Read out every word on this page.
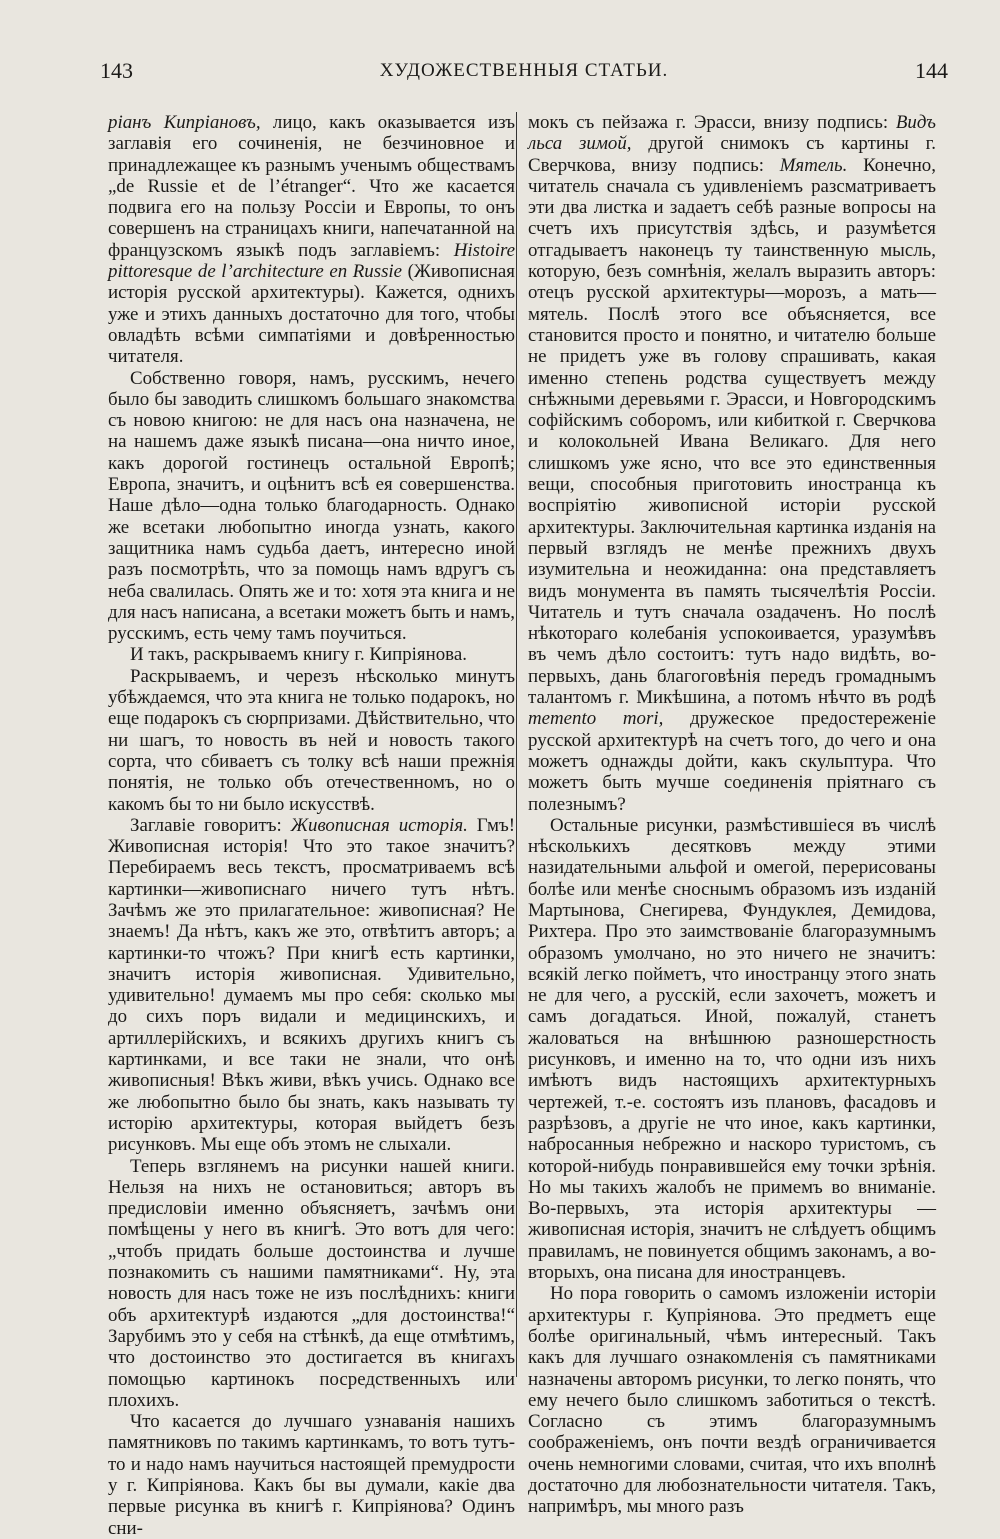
143	ХУДОЖЕСТВЕННЫЯ СТАТЬИ.	144

ріанъ Кипріановъ, лицо, какъ оказывается изъ заглавія его сочиненія, не безчиновное и принадлежащее къ разнымъ ученымъ обществамъ „de Russie et de l’étranger“. Что же касается подвига его на пользу Россіи и Европы, то онъ совершенъ на страницахъ книги, напечатанной на французскомъ языкѣ подъ заглавіемъ: Histoire pittoresque de l’architecture en Russie (Живописная исторія русской архитектуры). Кажется, однихъ уже и этихъ данныхъ достаточно для того, чтобы овладѣть всѣми симпатіями и довѣренностью читателя.

Собственно говоря, намъ, русскимъ, нечего было бы заводить слишкомъ большаго знакомства съ новою книгою: не для насъ она назначена, не на нашемъ даже языкѣ писана—она ничто иное, какъ дорогой гостинецъ остальной Европѣ; Европа, значитъ, и оцѣнитъ всѣ ея совершенства. Наше дѣло—одна только благодарность. Однако же всетаки любопытно иногда узнать, какого защитника намъ судьба даетъ, интересно иной разъ посмотрѣть, что за помощь намъ вдругъ съ неба свалилась. Опять же и то: хотя эта книга и не для насъ написана, а всетаки можетъ быть и намъ, русскимъ, есть чему тамъ поучиться.

И такъ, раскрываемъ книгу г. Кипріянова.

Раскрываемъ, и черезъ нѣсколько минутъ убѣждаемся, что эта книга не только подарокъ, но еще подарокъ съ сюрпризами. Дѣйствительно, что ни шагъ, то новость въ ней и новость такого сорта, что сбиваетъ съ толку всѣ наши прежнія понятія, не только объ отечественномъ, но о какомъ бы то ни было искусствѣ.

Заглавіе говоритъ: Живописная исторія. Гмъ! Живописная исторія! Что это такое значитъ? Перебираемъ весь текстъ, просматриваемъ всѣ картинки—живописнаго ничего тутъ нѣтъ. Зачѣмъ же это прилагательное: живописная? Не знаемъ! Да нѣтъ, какъ же это, отвѣтитъ авторъ; а картинки-то чтожъ? При книгѣ есть картинки, значитъ исторія живописная. Удивительно, удивительно! думаемъ мы про себя: сколько мы до сихъ поръ видали и медицинскихъ, и артиллерійскихъ, и всякихъ другихъ книгъ съ картинками, и все таки не знали, что онѣ живописныя! Вѣкъ живи, вѣкъ учись. Однако все же любопытно было бы знать, какъ называть ту исторію архитектуры, которая выйдетъ безъ рисунковъ. Мы еще объ этомъ не слыхали.

Теперь взглянемъ на рисунки нашей книги. Нельзя на нихъ не остановиться; авторъ въ предисловіи именно объясняетъ, зачѣмъ они помѣщены у него въ книгѣ. Это вотъ для чего: „чтобъ придать больше достоинства и лучше познакомить съ нашими памятниками“. Ну, эта новость для насъ тоже не изъ послѣднихъ: книги объ архитектурѣ издаются „для достоинства!“ Зарубимъ это у себя на стѣнкѣ, да еще отмѣтимъ, что достоинство это достигается въ книгахъ помощью картинокъ посредственныхъ или плохихъ.

Что касается до лучшаго узнаванія нашихъ памятниковъ по такимъ картинкамъ, то вотъ тутъ-то и надо намъ научиться настоящей премудрости у г. Кипріянова. Какъ бы вы думали, какіе два первые рисунка въ книгѣ г. Кипріянова? Одинъ сни-

мокъ съ пейзажа г. Эрасси, внизу подпись: Видъ льса зимой, другой снимокъ съ картины г. Сверчкова, внизу подпись: Мятель. Конечно, читатель сначала съ удивленіемъ разсматриваетъ эти два листка и задаетъ себѣ разные вопросы на счетъ ихъ присутствія здѣсь, и разумѣется отгадываетъ наконецъ ту таинственную мысль, которую, безъ сомнѣнія, желалъ выразить авторъ: отецъ русской архитектуры—морозъ, а мать—мятель. Послѣ этого все объясняется, все становится просто и понятно, и читателю больше не придетъ уже въ голову спрашивать, какая именно степень родства существуетъ между снѣжными деревьями г. Эрасси, и Новгородскимъ софійскимъ соборомъ, или кибиткой г. Сверчкова и колокольней Ивана Великаго. Для него слишкомъ уже ясно, что все это единственныя вещи, способныя приготовить иностранца къ воспріятію живописной исторіи русской архитектуры. Заключительная картинка изданія на первый взглядъ не менѣе прежнихъ двухъ изумительна и неожиданна: она представляетъ видъ монумента въ память тысячелѣтія Россіи. Читатель и тутъ сначала озадаченъ. Но послѣ нѣкотораго колебанія успокоивается, уразумѣвъ въ чемъ дѣло состоитъ: тутъ надо видѣть, во-первыхъ, дань благоговѣнія передъ громаднымъ талантомъ г. Микѣшина, а потомъ нѣчто въ родѣ memento mori, дружеское предостереженіе русской архитектурѣ на счетъ того, до чего и она можетъ однажды дойти, какъ скульптура. Что можетъ быть мучше соединенія пріятнаго съ полезнымъ?

Остальные рисунки, размѣстившіеся въ числѣ нѣсколькихъ десятковъ между этими назидательными альфой и омегой, перерисованы болѣе или менѣе сноснымъ образомъ изъ изданій Мартынова, Снегирева, Фундуклея, Демидова, Рихтера. Про это заимствованіе благоразумнымъ образомъ умолчано, но это ничего не значитъ: всякій легко пойметъ, что иностранцу этого знать не для чего, а русскій, если захочетъ, можетъ и самъ догадаться. Иной, пожалуй, станетъ жаловаться на внѣшнюю разношерстность рисунковъ, и именно на то, что одни изъ нихъ имѣютъ видъ настоящихъ архитектурныхъ чертежей, т.-е. состоятъ изъ плановъ, фасадовъ и разрѣзовъ, а другіе не что иное, какъ картинки, набросанныя небрежно и наскоро туристомъ, съ которой-нибудь понравившейся ему точки зрѣнія. Но мы такихъ жалобъ не примемъ во вниманіе. Во-первыхъ, эта исторія архитектуры — живописная исторія, значитъ не слѣдуетъ общимъ правиламъ, не повинуется общимъ законамъ, а во-вторыхъ, она писана для иностранцевъ.

Но пора говорить о самомъ изложеніи исторіи архитектуры г. Купріянова. Это предметъ еще болѣе оригинальный, чѣмъ интересный. Такъ какъ для лучшаго ознакомленія съ памятниками назначены авторомъ рисунки, то легко понять, что ему нечего было слишкомъ заботиться о текстѣ. Согласно съ этимъ благоразумнымъ соображеніемъ, онъ почти вездѣ ограничивается очень немногими словами, считая, что ихъ вполнѣ достаточно для любознательности читателя. Такъ, напримѣръ, мы много разъ
